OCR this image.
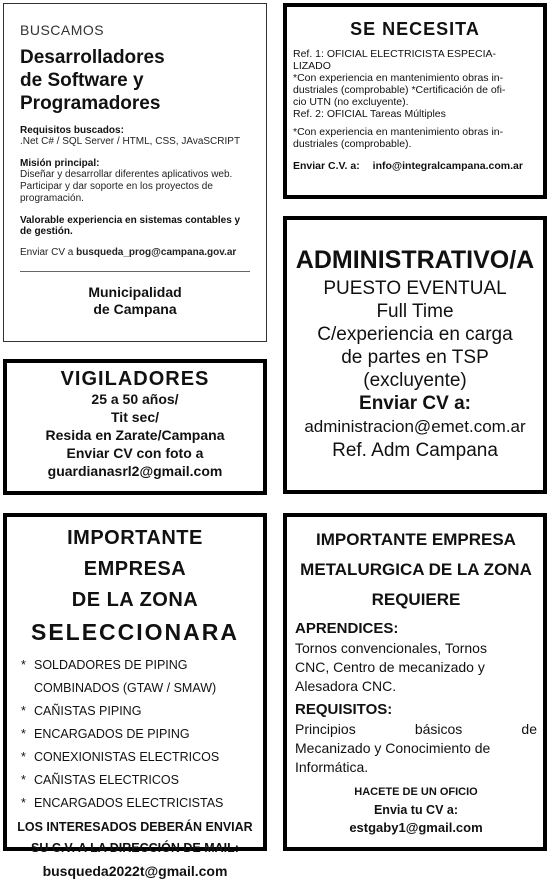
BUSCAMOS
Desarrolladores
de Software y
Programadores
Requisitos buscados:
.Net C# / SQL Server / HTML, CSS, JAvaSCRIPT
Misión principal:
Diseñar y desarrollar diferentes aplicativos web.
Participar y dar soporte en los proyectos de
programación.
Valorable experiencia en sistemas contables y
de gestión.
Enviar CV a busqueda_prog@campana.gov.ar
Municipalidad
de Campana
SE NECESITA
Ref. 1: OFICIAL ELECTRICISTA ESPECIA-
LIZADO
*Con experiencia en mantenimiento obras in-
dustriales (comprobable) *Certificación de ofi-
cio UTN (no excluyente).
Ref. 2: OFICIAL Tareas Múltiples
*Con experiencia en mantenimiento obras in-
dustriales (comprobable).
Enviar C.V. a: info@integralcampana.com.ar
ADMINISTRATIVO/A
PUESTO EVENTUAL
Full Time
C/experiencia en carga
de partes en TSP
(excluyente)
Enviar CV a:
administracion@emet.com.ar
Ref. Adm Campana
VIGILADORES
25 a 50 años/
Tit sec/
Resida en Zarate/Campana
Enviar CV con foto a
guardianasrl2@gmail.com
IMPORTANTE EMPRESA
DE LA ZONA
SELECCIONARA
* SOLDADORES DE PIPING
COMBINADOS (GTAW / SMAW)
* CAÑISTAS PIPING
* ENCARGADOS DE PIPING
* CONEXIONISTAS ELECTRICOS
* CAÑISTAS ELECTRICOS
* ENCARGADOS ELECTRICISTAS
LOS INTERESADOS DEBERÁN ENVIAR
SU C.V. A LA DIRECCIÓN DE MAIL:
busqueda2022t@gmail.com
IMPORTANTE EMPRESA
METALURGICA DE LA ZONA
REQUIERE
APRENDICES:
Tornos convencionales, Tornos
CNC, Centro de mecanizado y
Alesadora CNC.
REQUISITOS:
Principios básicos de
Mecanizado y Conocimiento de
Informática.
HACETE DE UN OFICIO
Envia tu CV a:
estgaby1@gmail.com
